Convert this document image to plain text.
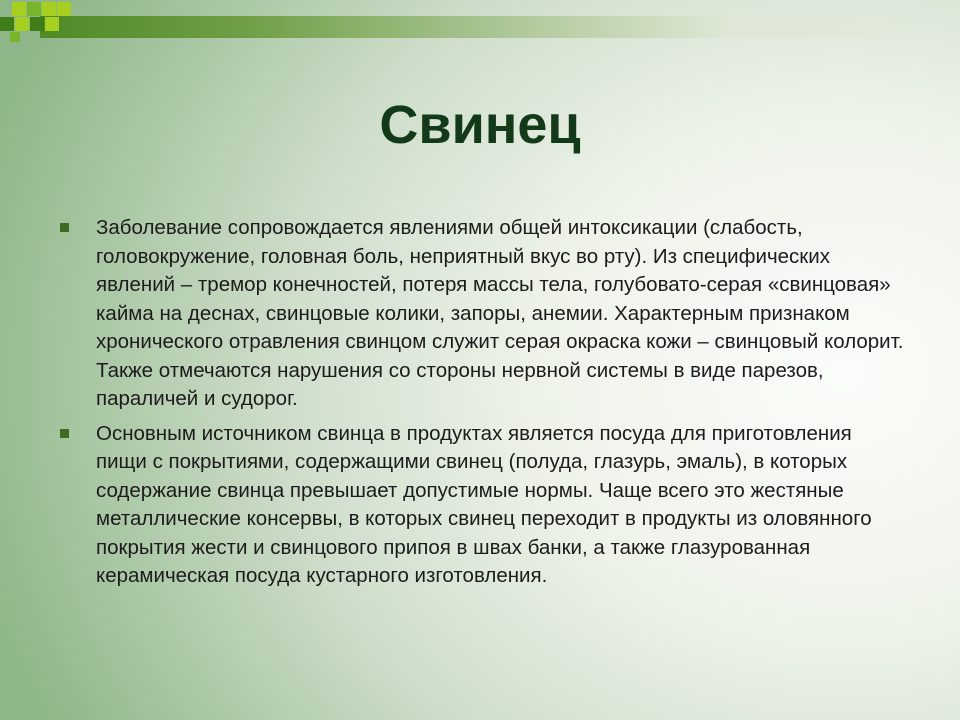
Свинец
Заболевание сопровождается явлениями общей интоксикации (слабость, головокружение, головная боль, неприятный вкус во рту). Из специфических явлений – тремор конечностей, потеря массы тела, голубовато-серая «свинцовая» кайма на деснах, свинцовые колики, запоры, анемии. Характерным признаком хронического отравления свинцом служит серая окраска кожи – свинцовый колорит. Также отмечаются нарушения со стороны нервной системы в виде парезов, параличей и судорог.
Основным источником свинца в продуктах является посуда для приготовления пищи с покрытиями, содержащими свинец (полуда, глазурь, эмаль), в которых содержание свинца превышает допустимые нормы. Чаще всего это жестяные металлические консервы, в которых свинец переходит в продукты из оловянного покрытия жести и свинцового припоя в швах банки, а также глазурованная керамическая посуда кустарного изготовления.
